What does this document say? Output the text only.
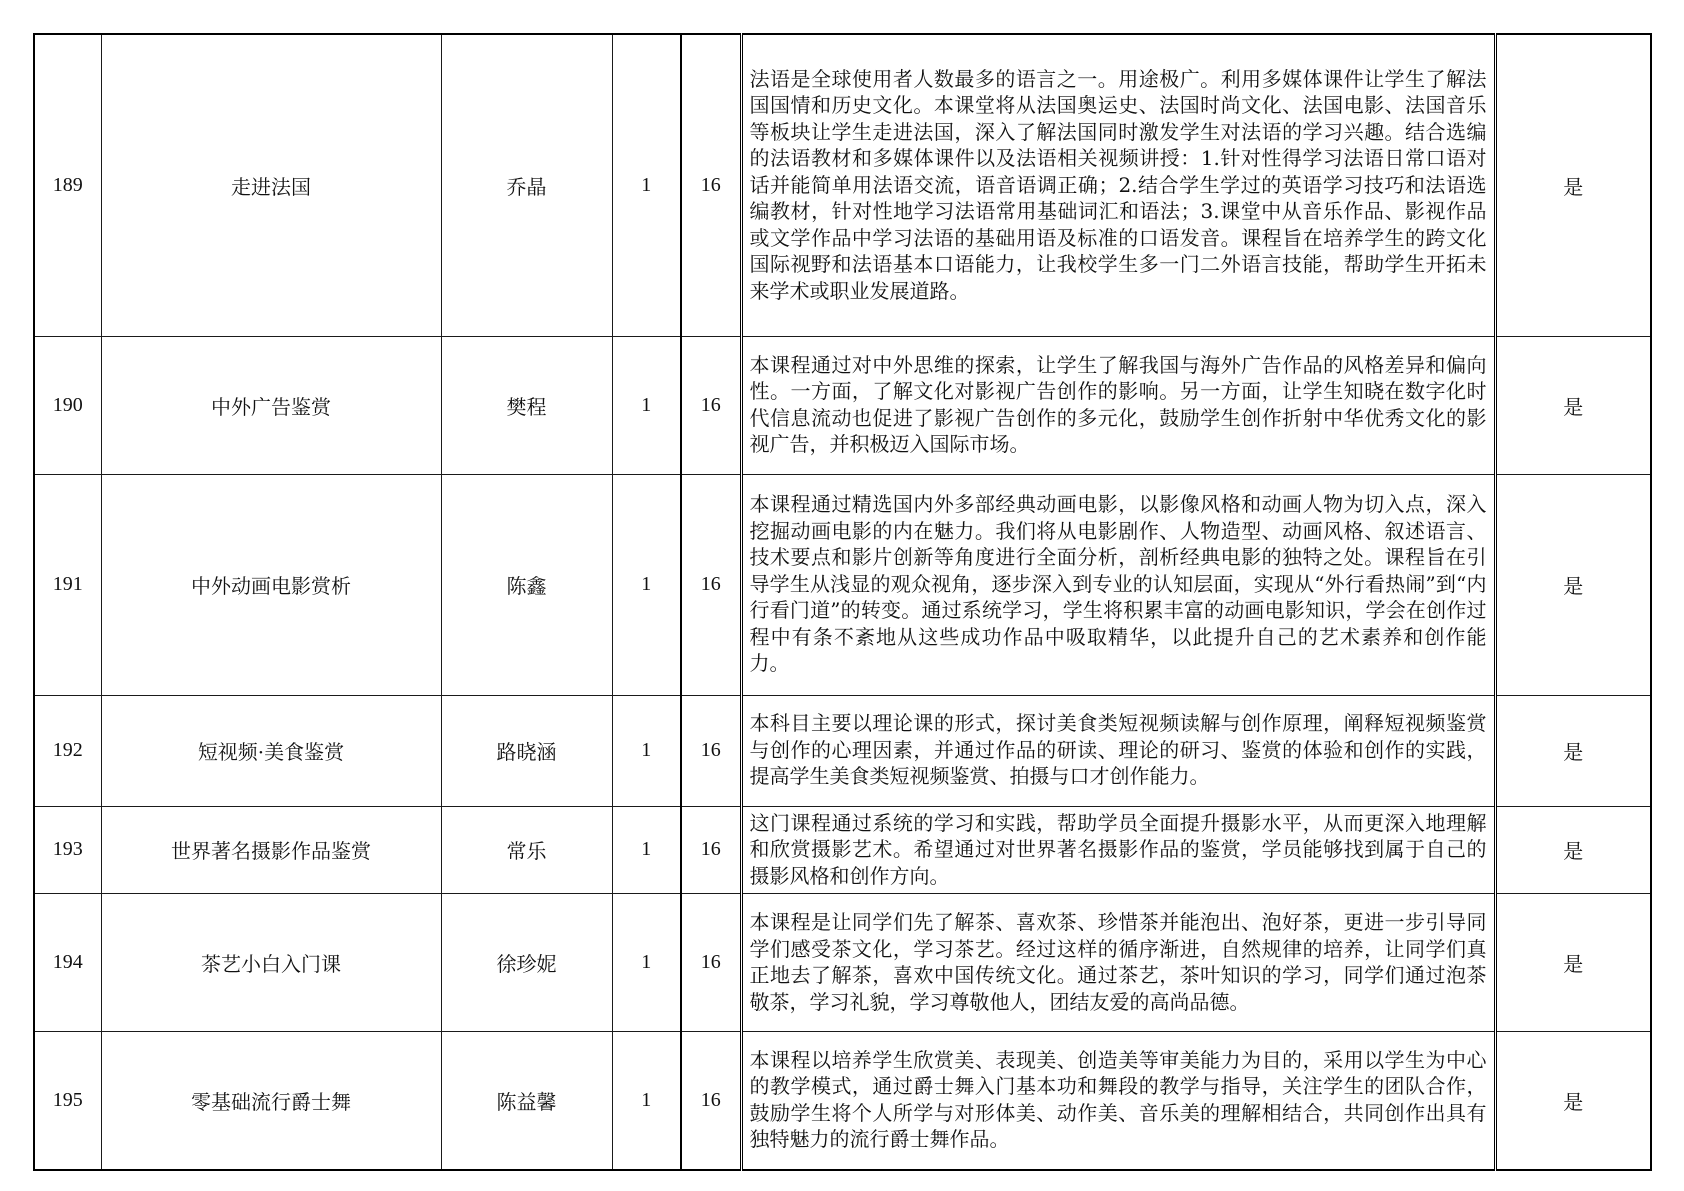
189	走进法国	乔晶	1	16	法语是全球使用者人数最多的语言之一。用途极广。利用多媒体课件让学生了解法国国情和历史文化。本课堂将从法国奥运史、法国时尚文化、法国电影、法国音乐等板块让学生走进法国，深入了解法国同时激发学生对法语的学习兴趣。结合选编的法语教材和多媒体课件以及法语相关视频讲授：1.针对性得学习法语日常口语对话并能简单用法语交流，语音语调正确；2.结合学生学过的英语学习技巧和法语选编教材，针对性地学习法语常用基础词汇和语法；3.课堂中从音乐作品、影视作品或文学作品中学习法语的基础用语及标准的口语发音。课程旨在培养学生的跨文化国际视野和法语基本口语能力，让我校学生多一门二外语言技能，帮助学生开拓未来学术或职业发展道路。	是
190	中外广告鉴赏	樊程	1	16	本课程通过对中外思维的探索，让学生了解我国与海外广告作品的风格差异和偏向性。一方面，了解文化对影视广告创作的影响。另一方面，让学生知晓在数字化时代信息流动也促进了影视广告创作的多元化，鼓励学生创作折射中华优秀文化的影视广告，并积极迈入国际市场。	是
191	中外动画电影赏析	陈鑫	1	16	本课程通过精选国内外多部经典动画电影，以影像风格和动画人物为切入点，深入挖掘动画电影的内在魅力。我们将从电影剧作、人物造型、动画风格、叙述语言、技术要点和影片创新等角度进行全面分析，剖析经典电影的独特之处。课程旨在引导学生从浅显的观众视角，逐步深入到专业的认知层面，实现从“外行看热闹”到“内行看门道”的转变。通过系统学习，学生将积累丰富的动画电影知识，学会在创作过程中有条不紊地从这些成功作品中吸取精华，以此提升自己的艺术素养和创作能力。	是
192	短视频·美食鉴赏	路晓涵	1	16	本科目主要以理论课的形式，探讨美食类短视频读解与创作原理，阐释短视频鉴赏与创作的心理因素，并通过作品的研读、理论的研习、鉴赏的体验和创作的实践，提高学生美食类短视频鉴赏、拍摄与口才创作能力。	是
193	世界著名摄影作品鉴赏	常乐	1	16	这门课程通过系统的学习和实践，帮助学员全面提升摄影水平，从而更深入地理解和欣赏摄影艺术。希望通过对世界著名摄影作品的鉴赏，学员能够找到属于自己的摄影风格和创作方向。	是
194	茶艺小白入门课	徐珍妮	1	16	本课程是让同学们先了解茶、喜欢茶、珍惜茶并能泡出、泡好茶，更进一步引导同学们感受茶文化，学习茶艺。经过这样的循序渐进，自然规律的培养，让同学们真正地去了解茶，喜欢中国传统文化。通过茶艺，茶叶知识的学习，同学们通过泡茶敬茶，学习礼貌，学习尊敬他人，团结友爱的高尚品德。	是
195	零基础流行爵士舞	陈益馨	1	16	本课程以培养学生欣赏美、表现美、创造美等审美能力为目的，采用以学生为中心的教学模式，通过爵士舞入门基本功和舞段的教学与指导，关注学生的团队合作，鼓励学生将个人所学与对形体美、动作美、音乐美的理解相结合，共同创作出具有独特魅力的流行爵士舞作品。	是
